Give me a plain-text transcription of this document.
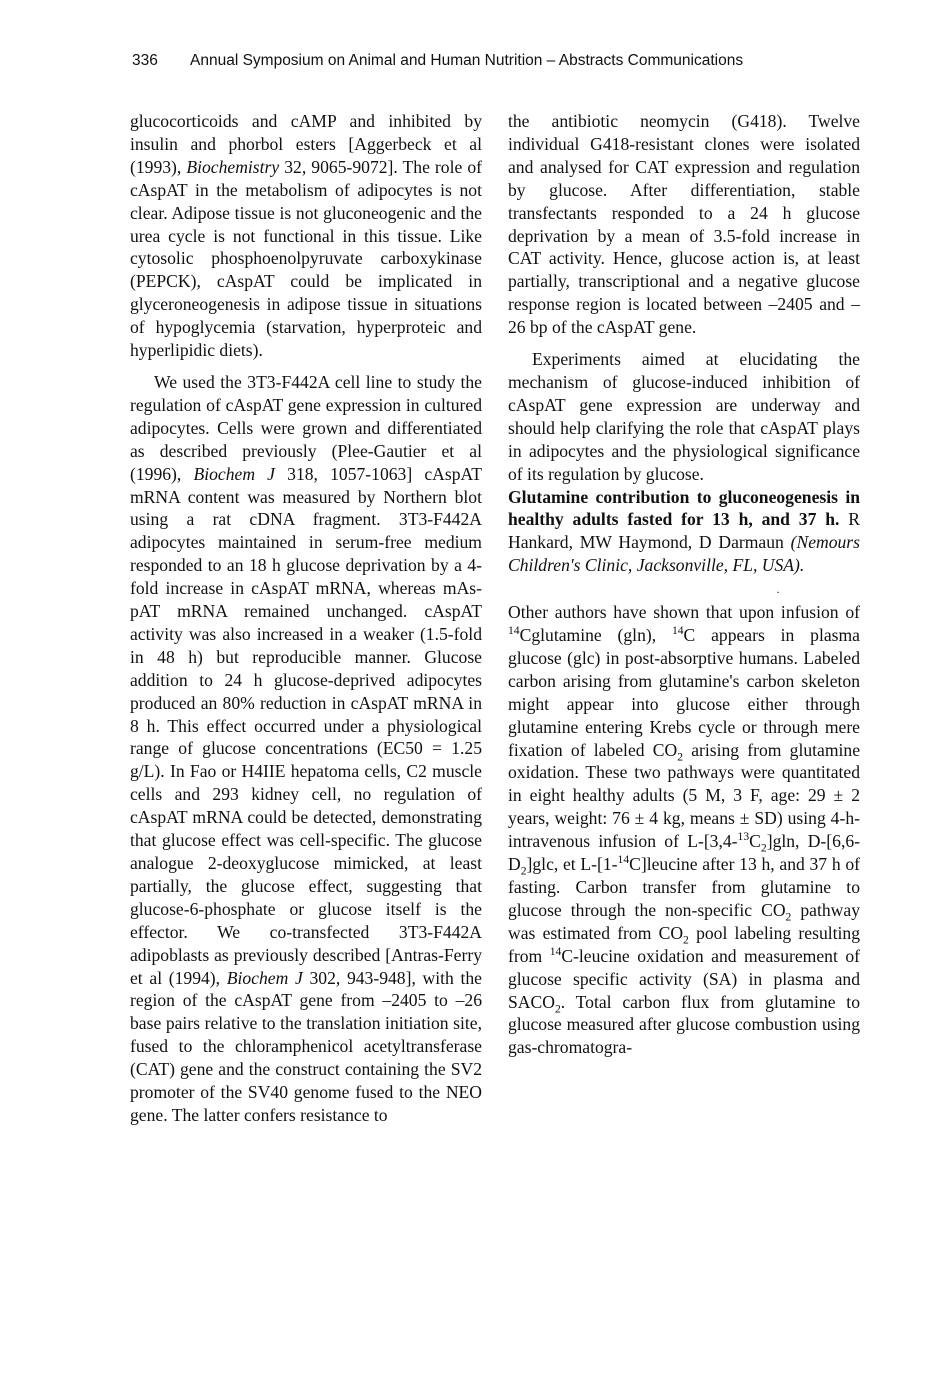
336 Annual Symposium on Animal and Human Nutrition – Abstracts Communications

glucocorticoids and cAMP and inhibited by insulin and phorbol esters [Aggerbeck et al (1993), Biochemistry 32, 9065-9072]. The role of cAspAT in the metabolism of adipocytes is not clear. Adipose tissue is not gluconeogenic and the urea cycle is not functional in this tissue. Like cytosolic phosphoenolpyruvate carboxykinase (PEPCK), cAspAT could be implicated in glyceroneogenesis in adipose tissue in situations of hypoglycemia (starvation, hyperproteic and hyperlipidic diets).

We used the 3T3-F442A cell line to study the regulation of cAspAT gene expression in cultured adipocytes. Cells were grown and differentiated as described previously (Plee-Gautier et al (1996), Biochem J 318, 1057-1063] cAspAT mRNA content was measured by Northern blot using a rat cDNA fragment. 3T3-F442A adipocytes maintained in serum-free medium responded to an 18 h glucose deprivation by a 4-fold increase in cAspAT mRNA, whereas mAspAT mRNA remained unchanged. cAspAT activity was also increased in a weaker (1.5-fold in 48 h) but reproducible manner. Glucose addition to 24 h glucose-deprived adipocytes produced an 80% reduction in cAspAT mRNA in 8 h. This effect occurred under a physiological range of glucose concentrations (EC50 = 1.25 g/L). In Fao or H4IIE hepatoma cells, C2 muscle cells and 293 kidney cell, no regulation of cAspAT mRNA could be detected, demonstrating that glucose effect was cell-specific. The glucose analogue 2-deoxyglucose mimicked, at least partially, the glucose effect, suggesting that glucose-6-phosphate or glucose itself is the effector. We co-transfected 3T3-F442A adipoblasts as previously described [Antras-Ferry et al (1994), Biochem J 302, 943-948], with the region of the cAspAT gene from –2405 to –26 base pairs relative to the translation initiation site, fused to the chloramphenicol acetyltransferase (CAT) gene and the construct containing the SV2 promoter of the SV40 genome fused to the NEO gene. The latter confers resistance to

the antibiotic neomycin (G418). Twelve individual G418-resistant clones were isolated and analysed for CAT expression and regulation by glucose. After differentiation, stable transfectants responded to a 24 h glucose deprivation by a mean of 3.5-fold increase in CAT activity. Hence, glucose action is, at least partially, transcriptional and a negative glucose response region is located between –2405 and –26 bp of the cAspAT gene.

Experiments aimed at elucidating the mechanism of glucose-induced inhibition of cAspAT gene expression are underway and should help clarifying the role that cAspAT plays in adipocytes and the physiological significance of its regulation by glucose.

Glutamine contribution to gluconeogenesis in healthy adults fasted for 13 h, and 37 h. R Hankard, MW Haymond, D Darmaun (Nemours Children's Clinic, Jacksonville, FL, USA).

·

Other authors have shown that upon infusion of $^{14}$Cglutamine (gln), $^{14}$C appears in plasma glucose (glc) in post-absorptive humans. Labeled carbon arising from glutamine's carbon skeleton might appear into glucose either through glutamine entering Krebs cycle or through mere fixation of labeled $CO_2$ arising from glutamine oxidation. These two pathways were quantitated in eight healthy adults (5 M, 3 F, age: 29 ± 2 years, weight: 76 ± 4 kg, means ± SD) using 4-h-intravenous infusion of $L-[3,4-^{13}C_2]gln$, $D-[6,6-D_2]glc$, et L-[1-$^{14}$C]leucine after 13 h, and 37 h of fasting. Carbon transfer from glutamine to glucose through the non-specific $CO_2$ pathway was estimated from $CO_2$ pool labeling resulting from $^{14}$C-leucine oxidation and measurement of glucose specific activity (SA) in plasma and $SACO_2$. Total carbon flux from glutamine to glucose measured after glucose combustion using gas-chromatogra-
